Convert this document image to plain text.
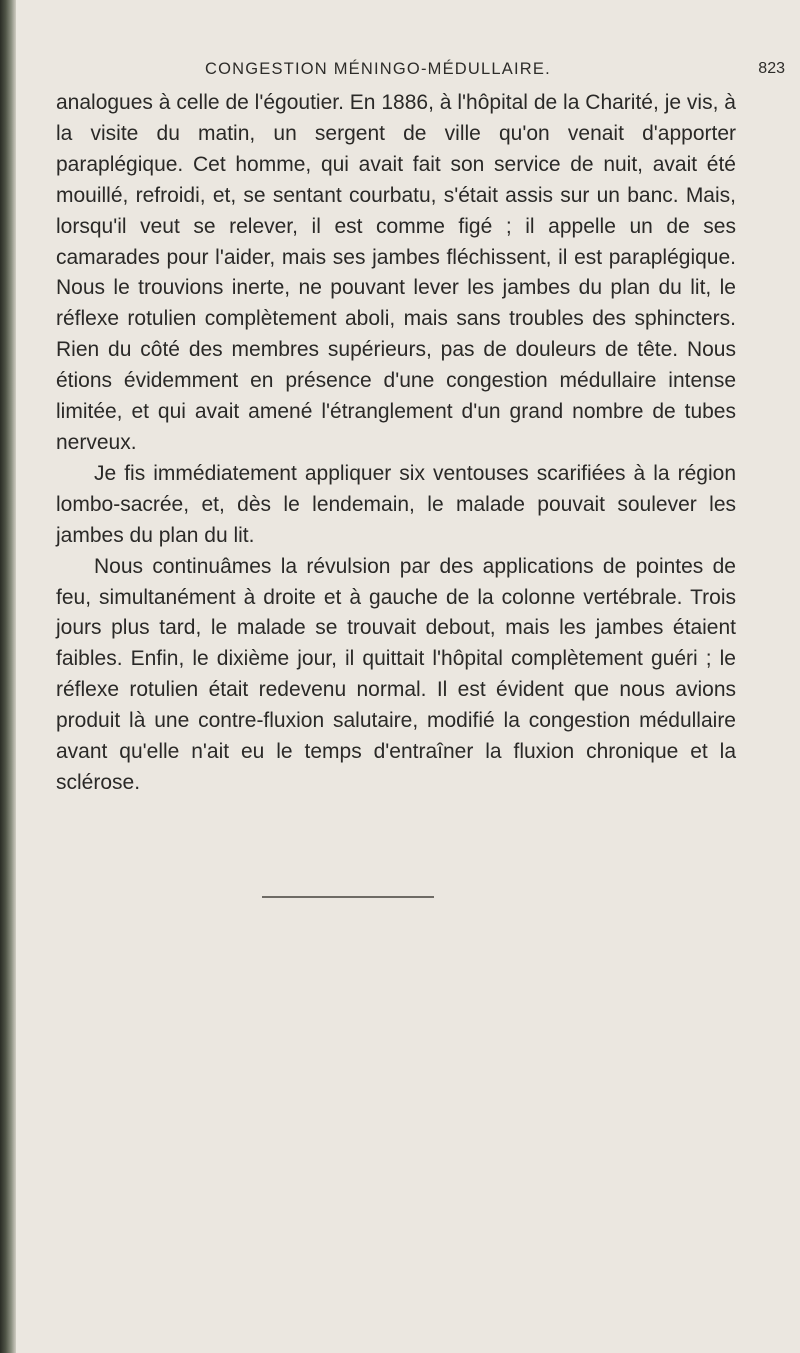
CONGESTION MÉNINGO-MÉDULLAIRE.	823

analogues à celle de l'égoutier. En 1886, à l'hôpital de la Charité, je vis, à la visite du matin, un sergent de ville qu'on venait d'apporter paraplégique. Cet homme, qui avait fait son service de nuit, avait été mouillé, refroidi, et, se sentant courbatu, s'était assis sur un banc. Mais, lorsqu'il veut se relever, il est comme figé ; il appelle un de ses camarades pour l'aider, mais ses jambes fléchissent, il est paraplégique. Nous le trouvions inerte, ne pouvant lever les jambes du plan du lit, le réflexe rotulien complètement aboli, mais sans troubles des sphincters. Rien du côté des membres supérieurs, pas de douleurs de tête. Nous étions évidemment en présence d'une congestion médullaire intense limitée, et qui avait amené l'étranglement d'un grand nombre de tubes nerveux.

Je fis immédiatement appliquer six ventouses scarifiées à la région lombo-sacrée, et, dès le lendemain, le malade pouvait soulever les jambes du plan du lit.

Nous continuâmes la révulsion par des applications de pointes de feu, simultanément à droite et à gauche de la colonne vertébrale. Trois jours plus tard, le malade se trouvait debout, mais les jambes étaient faibles. Enfin, le dixième jour, il quittait l'hôpital complètement guéri ; le réflexe rotulien était redevenu normal. Il est évident que nous avions produit là une contre-fluxion salutaire, modifié la congestion médullaire avant qu'elle n'ait eu le temps d'entraîner la fluxion chronique et la sclérose.
